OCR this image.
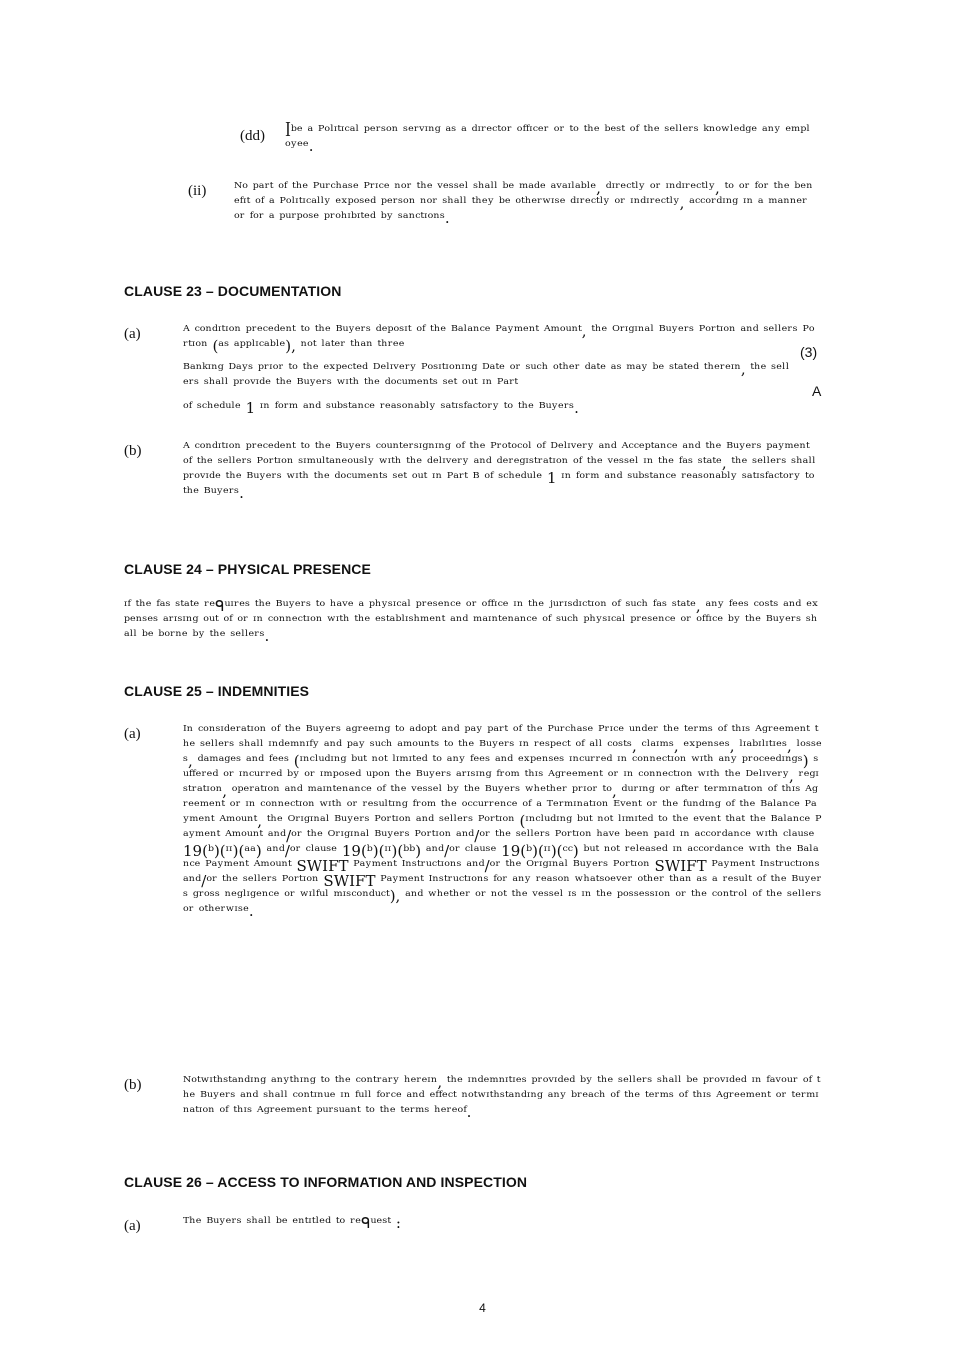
(dd) ꟾᵇᵉ ᵃ ᴾᵒˡᶦᵗᶦᶜᵃˡ ᵖᵉʳˢᵒⁿ ˢᵉʳᵛᶦⁿᵍ ᵃˢ ᵃ ᵈᶦʳᵉᶜᵗᵒʳ ᵒᶠᶠᶦᶜᵉʳ ᵒʳ ᵗᵒ ᵗʰᵉ ᵇᵉˢᵗ ᵒᶠ ᵗʰᵉ ˢᵉˡˡᵉʳˢ ᵏⁿᵒʷˡᵉᵈᵍᵉ ᵃⁿʸ ᵉᵐᵖˡᵒʸᵉᵉ.
(ii) ᴺᵒ ᵖᵃʳᵗ ᵒᶠ ᵗʰᵉ ᴾᵘʳᶜʰᵃˢᵉ ᴾʳᶦᶜᵉ ⁿᵒʳ ᵗʰᵉ ᵛᵉˢˢᵉˡ ˢʰᵃˡˡ ᵇᵉ ᵐᵃᵈᵉ ᵃᵛᵃᶦˡᵃᵇˡᵉ, ᵈᶦʳᵉᶜᵗˡʸ ᵒʳ ᶦⁿᵈᶦʳᵉᶜᵗˡʸ, ᵗᵒ ᵒʳ ᶠᵒʳ ᵗʰᵉ ᵇᵉⁿᵉᶠᶦᵗ ᵒᶠ ᵃ ᴾᵒˡᶦᵗᶦᶜᵃˡˡʸ ᵉˣᵖᵒˢᵉᵈ ᵖᵉʳˢᵒⁿ ⁿᵒʳ ˢʰᵃˡˡ ᵗʰᵉʸ ᵇᵉ ᵒᵗʰᵉʳʷᶦˢᵉ ᵈᶦʳᵉᶜᵗˡʸ ᵒʳ ᶦⁿᵈᶦʳᵉᶜᵗˡʸ, ᵃᶜᶜᵒʳᵈᶦⁿᵍ ᶦⁿ ᵃ ᵐᵃⁿⁿᵉʳ ᵒʳ ᶠᵒʳ ᵃ ᵖᵘʳᵖᵒˢᵉ ᵖʳᵒʰᶦᵇᶦᵗᵉᵈ ᵇʸ ˢᵃⁿᶜᵗᶦᵒⁿˢ.
CLAUSE 23 – DOCUMENTATION
(a)	ᴬ ᶜᵒⁿᵈᶦᵗᶦᵒⁿ ᵖʳᵉᶜᵉᵈᵉⁿᵗ ᵗᵒ ᵗʰᵉ ᴮᵘʸᵉʳˢ ᵈᵉᵖᵒˢᶦᵗ ᵒᶠ ᵗʰᵉ ᴮᵃˡᵃⁿᶜᵉ ᴾᵃʸᵐᵉⁿᵗ ᴬᵐᵒᵘⁿᵗ, ᵗʰᵉ ᴼʳᶦᵍᶦⁿᵃˡ ᴮᵘʸᵉʳˢ ᴾᵒʳᵗᶦᵒⁿ ᵃⁿᵈ ˢᵉˡˡᵉʳˢ ᴾᵒʳᵗᶦᵒⁿ (ᵃˢ ᵃᵖᵖˡᶦᶜᵃᵇˡᵉ), ⁿᵒᵗ ˡᵃᵗᵉʳ ᵗʰᵃⁿ ᵗʰʳᵉᵉ	(3)
ᴮᵃⁿᵏᶦⁿᵍ ᴰᵃʸˢ ᵖʳᶦᵒʳ ᵗᵒ ᵗʰᵉ ᵉˣᵖᵉᶜᵗᵉᵈ ᴰᵉˡᶦᵛᵉʳʸ ᴾᵒˢᶦᵗᶦᵒⁿᶦⁿᵍ ᴰᵃᵗᵉ ᵒʳ ˢᵘᶜʰ ᵒᵗʰᵉʳ ᵈᵃᵗᵉ ᵃˢ ᵐᵃʸ ᵇᵉ ˢᵗᵃᵗᵉᵈ ᵗʰᵉʳᵉᶦⁿ, ᵗʰᵉ ˢᵉˡˡᵉʳˢ ˢʰᵃˡˡ ᵖʳᵒᵛᶦᵈᵉ ᵗʰᵉ ᴮᵘʸᵉʳˢ ʷᶦᵗʰ ᵗʰᵉ ᵈᵒᶜᵘᵐᵉⁿᵗˢ ˢᵉᵗ ᵒᵘᵗ ᶦⁿ ᴾᵃʳᵗ	A
ᵒᶠ ˢᶜʰᵉᵈᵘˡᵉ 1 ᶦⁿ ᶠᵒʳᵐ ᵃⁿᵈ ˢᵘᵇˢᵗᵃⁿᶜᵉ ʳᵉᵃˢᵒⁿᵃᵇˡʸ ˢᵃᵗᶦˢᶠᵃᶜᵗᵒʳʸ ᵗᵒ ᵗʰᵉ ᴮᵘʸᵉʳˢ.
(b)	ᴬ ᶜᵒⁿᵈᶦᵗᶦᵒⁿ ᵖʳᵉᶜᵉᵈᵉⁿᵗ ᵗᵒ ᵗʰᵉ ᴮᵘʸᵉʳˢ ᶜᵒᵘⁿᵗᵉʳˢᶦᵍⁿᶦⁿᵍ ᵒᶠ ᵗʰᵉ ᴾʳᵒᵗᵒᶜᵒˡ ᵒᶠ ᴰᵉˡᶦᵛᵉʳʸ ᵃⁿᵈ ᴬᶜᶜᵉᵖᵗᵃⁿᶜᵉ ᵃⁿᵈ ᵗʰᵉ ᴮᵘʸᵉʳˢ ᵖᵃʸᵐᵉⁿᵗ ᵒᶠ ᵗʰᵉ ˢᵉˡˡᵉʳˢ ᴾᵒʳᵗᶦᵒⁿ ˢᶦᵐᵘˡᵗᵃⁿᵉᵒᵘˢˡʸ ʷᶦᵗʰ ᵗʰᵉ ᵈᵉˡᶦᵛᵉʳʸ ᵃⁿᵈ ᵈᵉʳᵉᵍᶦˢᵗʳᵃᵗᶦᵒⁿ ᵒᶠ ᵗʰᵉ ᵛᵉˢˢᵉˡ ᶦⁿ ᵗʰᵉ ᶠᵃˢ ˢᵗᵃᵗᵉ, ᵗʰᵉ ˢᵉˡˡᵉʳˢ ˢʰᵃˡˡ ᵖʳᵒᵛᶦᵈᵉ ᵗʰᵉ ᴮᵘʸᵉʳˢ ʷᶦᵗʰ ᵗʰᵉ ᵈᵒᶜᵘᵐᵉⁿᵗˢ ˢᵉᵗ ᵒᵘᵗ ᶦⁿ ᴾᵃʳᵗ ᴮ ᵒᶠ ˢᶜʰᵉᵈᵘˡᵉ 1 ᶦⁿ ᶠᵒʳᵐ ᵃⁿᵈ ˢᵘᵇˢᵗᵃⁿᶜᵉ ʳᵉᵃˢᵒⁿᵃᵇˡʸ ˢᵃᵗᶦˢᶠᵃᶜᵗᵒʳʸ ᵗᵒ ᵗʰᵉ ᴮᵘʸᵉʳˢ.
CLAUSE 24 – PHYSICAL PRESENCE
ᶦᶠ ᵗʰᵉ ᶠᵃˢ ˢᵗᵃᵗᵉ ʳᵉᑫᵘᶦʳᵉˢ ᵗʰᵉ ᴮᵘʸᵉʳˢ ᵗᵒ ʰᵃᵛᵉ ᵃ ᵖʰʸˢᶦᶜᵃˡ ᵖʳᵉˢᵉⁿᶜᵉ ᵒʳ ᵒᶠᶠᶦᶜᵉ ᶦⁿ ᵗʰᵉ ʲᵘʳᶦˢᵈᶦᶜᵗᶦᵒⁿ ᵒᶠ ˢᵘᶜʰ ᶠᵃˢ ˢᵗᵃᵗᵉ, ᵃⁿʸ ᶠᵉᵉˢ ᶜᵒˢᵗˢ ᵃⁿᵈ ᵉˣᵖᵉⁿˢᵉˢ ᵃʳᶦˢᶦⁿᵍ ᵒᵘᵗ ᵒᶠ ᵒʳ ᶦⁿ ᶜᵒⁿⁿᵉᶜᵗᶦᵒⁿ ʷᶦᵗʰ ᵗʰᵉ ᵉˢᵗᵃᵇˡᶦˢʰᵐᵉⁿᵗ ᵃⁿᵈ ᵐᵃᶦⁿᵗᵉⁿᵃⁿᶜᵉ ᵒᶠ ˢᵘᶜʰ ᵖʰʸˢᶦᶜᵃˡ ᵖʳᵉˢᵉⁿᶜᵉ ᵒʳ ᵒᶠᶠᶦᶜᵉ ᵇʸ ᵗʰᵉ ᴮᵘʸᵉʳˢ ˢʰᵃˡˡ ᵇᵉ ᵇᵒʳⁿᵉ ᵇʸ ᵗʰᵉ ˢᵉˡˡᵉʳˢ.
CLAUSE 25 – INDEMNITIES
(a)	ᴵⁿ ᶜᵒⁿˢᶦᵈᵉʳᵃᵗᶦᵒⁿ ᵒᶠ ᵗʰᵉ ᴮᵘʸᵉʳˢ ᵃᵍʳᵉᵉᶦⁿᵍ ᵗᵒ ᵃᵈᵒᵖᵗ ᵃⁿᵈ ᵖᵃʸ ᵖᵃʳᵗ ᵒᶠ ᵗʰᵉ ᴾᵘʳᶜʰᵃˢᵉ ᴾʳᶦᶜᵉ ᵘⁿᵈᵉʳ ᵗʰᵉ ᵗᵉʳᵐˢ ᵒᶠ ᵗʰᶦˢ ᴬᵍʳᵉᵉᵐᵉⁿᵗ ᵗʰᵉ ˢᵉˡˡᵉʳˢ ˢʰᵃˡˡ ᶦⁿᵈᵉᵐⁿᶦᶠʸ ᵃⁿᵈ ᵖᵃʸ ˢᵘᶜʰ ᵃᵐᵒᵘⁿᵗˢ ᵗᵒ ᵗʰᵉ ᴮᵘʸᵉʳˢ ᶦⁿ ʳᵉˢᵖᵉᶜᵗ ᵒᶠ ᵃˡˡ ᶜᵒˢᵗˢ, ᶜˡᵃᶦᵐˢ, ᵉˣᵖᵉⁿˢᵉˢ, ˡᶦᵃᵇᶦˡᶦᵗᶦᵉˢ, ˡᵒˢˢᵉˢ, ᵈᵃᵐᵃᵍᵉˢ ᵃⁿᵈ ᶠᵉᵉˢ (ᶦⁿᶜˡᵘᵈᶦⁿᵍ ᵇᵘᵗ ⁿᵒᵗ ˡᶦᵐᶦᵗᵉᵈ ᵗᵒ ᵃⁿʸ ᶠᵉᵉˢ ᵃⁿᵈ ᵉˣᵖᵉⁿˢᵉˢ ᶦⁿᶜᵘʳʳᵉᵈ ᶦⁿ ᶜᵒⁿⁿᵉᶜᵗᶦᵒⁿ ʷᶦᵗʰ ᵃⁿʸ ᵖʳᵒᶜᵉᵉᵈᶦⁿᵍˢ) ˢᵘᶠᶠᵉʳᵉᵈ ᵒʳ ᶦⁿᶜᵘʳʳᵉᵈ ᵇʸ ᵒʳ ᶦᵐᵖᵒˢᵉᵈ ᵘᵖᵒⁿ ᵗʰᵉ ᴮᵘʸᵉʳˢ ᵃʳᶦˢᶦⁿᵍ ᶠʳᵒᵐ ᵗʰᶦˢ ᴬᵍʳᵉᵉᵐᵉⁿᵗ ᵒʳ ᶦⁿ ᶜᵒⁿⁿᵉᶜᵗᶦᵒⁿ ʷᶦᵗʰ ᵗʰᵉ ᴰᵉˡᶦᵛᵉʳʸ, ʳᵉᵍᶦˢᵗʳᵃᵗᶦᵒⁿ, ᵒᵖᵉʳᵃᵗᶦᵒⁿ ᵃⁿᵈ ᵐᵃᶦⁿᵗᵉⁿᵃⁿᶜᵉ ᵒᶠ ᵗʰᵉ ᵛᵉˢˢᵉˡ ᵇʸ ᵗʰᵉ ᴮᵘʸᵉʳˢ ʷʰᵉᵗʰᵉʳ ᵖʳᶦᵒʳ ᵗᵒ, ᵈᵘʳᶦⁿᵍ ᵒʳ ᵃᶠᵗᵉʳ ᵗᵉʳᵐᶦⁿᵃᵗᶦᵒⁿ ᵒᶠ ᵗʰᶦˢ ᴬᵍʳᵉᵉᵐᵉⁿᵗ ᵒʳ ᶦⁿ ᶜᵒⁿⁿᵉᶜᵗᶦᵒⁿ ʷᶦᵗʰ ᵒʳ ʳᵉˢᵘˡᵗᶦⁿᵍ ᶠʳᵒᵐ ᵗʰᵉ ᵒᶜᶜᵘʳʳᵉⁿᶜᵉ ᵒᶠ ᵃ ᵀᵉʳᵐᶦⁿᵃᵗᶦᵒⁿ ᴱᵛᵉⁿᵗ ᵒʳ ᵗʰᵉ ᶠᵘⁿᵈᶦⁿᵍ ᵒᶠ ᵗʰᵉ ᴮᵃˡᵃⁿᶜᵉ ᴾᵃʸᵐᵉⁿᵗ ᴬᵐᵒᵘⁿᵗ, ᵗʰᵉ ᴼʳᶦᵍᶦⁿᵃˡ ᴮᵘʸᵉʳˢ ᴾᵒʳᵗᶦᵒⁿ ᵃⁿᵈ ˢᵉˡˡᵉʳˢ ᴾᵒʳᵗᶦᵒⁿ (ᶦⁿᶜˡᵘᵈᶦⁿᵍ ᵇᵘᵗ ⁿᵒᵗ ˡᶦᵐᶦᵗᵉᵈ ᵗᵒ ᵗʰᵉ ᵉᵛᵉⁿᵗ ᵗʰᵃᵗ ᵗʰᵉ ᴮᵃˡᵃⁿᶜᵉ ᴾᵃʸᵐᵉⁿᵗ ᴬᵐᵒᵘⁿᵗ ᵃⁿᵈ/ᵒʳ ᵗʰᵉ ᴼʳᶦᵍᶦⁿᵃˡ ᴮᵘʸᵉʳˢ ᴾᵒʳᵗᶦᵒⁿ ᵃⁿᵈ/ᵒʳ ᵗʰᵉ ˢᵉˡˡᵉʳˢ ᴾᵒʳᵗᶦᵒⁿ ʰᵃᵛᵉ ᵇᵉᵉⁿ ᵖᵃᶦᵈ ᶦⁿ ᵃᶜᶜᵒʳᵈᵃⁿᶜᵉ ʷᶦᵗʰ ᶜˡᵃᵘˢᵉ 19(ᵇ)(ᶦᶦ)(ᵃᵃ) ᵃⁿᵈ/ᵒʳ ᶜˡᵃᵘˢᵉ 19(ᵇ)(ᶦᶦ)(ᵇᵇ) ᵃⁿᵈ/ᵒʳ ᶜˡᵃᵘˢᵉ 19(ᵇ)(ᶦᶦ)(ᶜᶜ) ᵇᵘᵗ ⁿᵒᵗ ʳᵉˡᵉᵃˢᵉᵈ ᶦⁿ ᵃᶜᶜᵒʳᵈᵃⁿᶜᵉ ʷᶦᵗʰ ᵗʰᵉ ᴮᵃˡᵃⁿᶜᵉ ᴾᵃʸᵐᵉⁿᵗ ᴬᵐᵒᵘⁿᵗ SWIFT ᴾᵃʸᵐᵉⁿᵗ ᴵⁿˢᵗʳᵘᶜᵗᶦᵒⁿˢ ᵃⁿᵈ/ᵒʳ ᵗʰᵉ ᴼʳᶦᵍᶦⁿᵃˡ ᴮᵘʸᵉʳˢ ᴾᵒʳᵗᶦᵒⁿ SWIFT ᴾᵃʸᵐᵉⁿᵗ ᴵⁿˢᵗʳᵘᶜᵗᶦᵒⁿˢ ᵃⁿᵈ/ᵒʳ ᵗʰᵉ ˢᵉˡˡᵉʳˢ ᴾᵒʳᵗᶦᵒⁿ SWIFT ᴾᵃʸᵐᵉⁿᵗ ᴵⁿˢᵗʳᵘᶜᵗᶦᵒⁿˢ ᶠᵒʳ ᵃⁿʸ ʳᵉᵃˢᵒⁿ ʷʰᵃᵗˢᵒᵉᵛᵉʳ ᵒᵗʰᵉʳ ᵗʰᵃⁿ ᵃˢ ᵃ ʳᵉˢᵘˡᵗ ᵒᶠ ᵗʰᵉ ᴮᵘʸᵉʳˢ ᵍʳᵒˢˢ ⁿᵉᵍˡᶦᵍᵉⁿᶜᵉ ᵒʳ ʷᶦˡᶠᵘˡ ᵐᶦˢᶜᵒⁿᵈᵘᶜᵗ), ᵃⁿᵈ ʷʰᵉᵗʰᵉʳ ᵒʳ ⁿᵒᵗ ᵗʰᵉ ᵛᵉˢˢᵉˡ ᶦˢ ᶦⁿ ᵗʰᵉ ᵖᵒˢˢᵉˢˢᶦᵒⁿ ᵒʳ ᵗʰᵉ ᶜᵒⁿᵗʳᵒˡ ᵒᶠ ᵗʰᵉ ˢᵉˡˡᵉʳˢ ᵒʳ ᵒᵗʰᵉʳʷᶦˢᵉ.
(b)	ᴺᵒᵗʷᶦᵗʰˢᵗᵃⁿᵈᶦⁿᵍ ᵃⁿʸᵗʰᶦⁿᵍ ᵗᵒ ᵗʰᵉ ᶜᵒⁿᵗʳᵃʳʸ ʰᵉʳᵉᶦⁿ, ᵗʰᵉ ᶦⁿᵈᵉᵐⁿᶦᵗᶦᵉˢ ᵖʳᵒᵛᶦᵈᵉᵈ ᵇʸ ᵗʰᵉ ˢᵉˡˡᵉʳˢ ˢʰᵃˡˡ ᵇᵉ ᵖʳᵒᵛᶦᵈᵉᵈ ᶦⁿ ᶠᵃᵛᵒᵘʳ ᵒᶠ ᵗʰᵉ ᴮᵘʸᵉʳˢ ᵃⁿᵈ ˢʰᵃˡˡ ᶜᵒⁿᵗᶦⁿᵘᵉ ᶦⁿ ᶠᵘˡˡ ᶠᵒʳᶜᵉ ᵃⁿᵈ ᵉᶠᶠᵉᶜᵗ ⁿᵒᵗʷᶦᵗʰˢᵗᵃⁿᵈᶦⁿᵍ ᵃⁿʸ ᵇʳᵉᵃᶜʰ ᵒᶠ ᵗʰᵉ ᵗᵉʳᵐˢ ᵒᶠ ᵗʰᶦˢ ᴬᵍʳᵉᵉᵐᵉⁿᵗ ᵒʳ ᵗᵉʳᵐᶦⁿᵃᵗᶦᵒⁿ ᵒᶠ ᵗʰᶦˢ ᴬᵍʳᵉᵉᵐᵉⁿᵗ ᵖᵘʳˢᵘᵃⁿᵗ ᵗᵒ ᵗʰᵉ ᵗᵉʳᵐˢ ʰᵉʳᵉᵒᶠ.
CLAUSE 26 – ACCESS TO INFORMATION AND INSPECTION
(a)	ᵀʰᵉ ᴮᵘʸᵉʳˢ ˢʰᵃˡˡ ᵇᵉ ᵉⁿᵗᶦᵗˡᵉᵈ ᵗᵒ ʳᵉᑫᵘᵉˢᵗ :
4
